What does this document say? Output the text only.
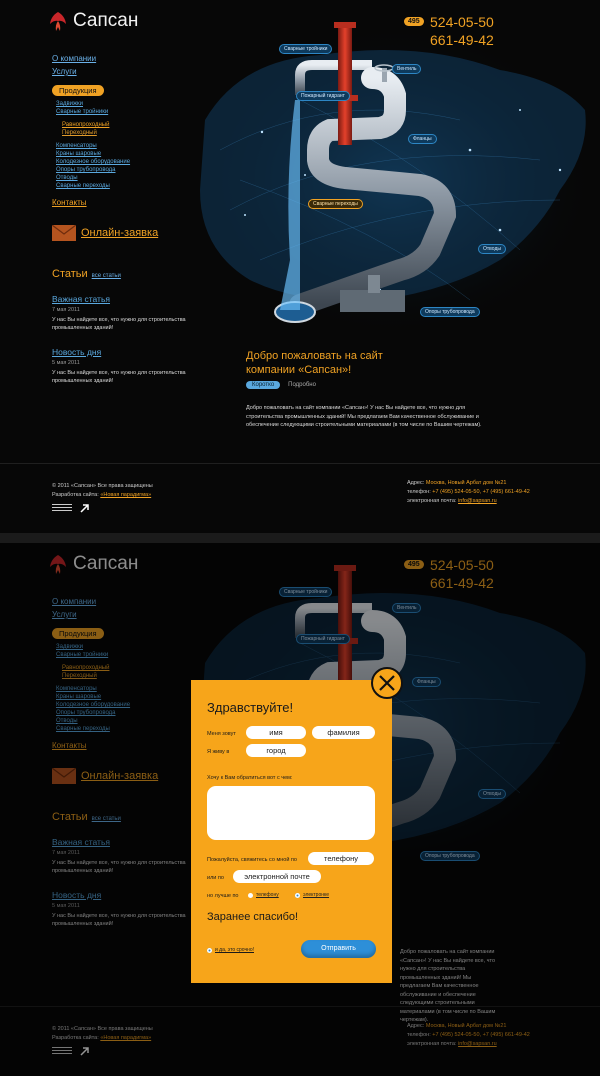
Сапсан	495 524-05-50
661-49-42
О компании
Услуги
Продукция
Задвижки
Сварные тройники
Равнопроходный
Переходный
Компенсаторы
Краны шаровые
Колодезное оборудование
Опоры трубопровода
Отводы
Сварные переходы
Контакты
Онлайн-заявка
Статьи все статьи
Важная статья
7 мая 2011
У нас Вы найдете все, что нужно для строительства промышленных зданий!
Новость дня
5 мая 2011
У нас Вы найдете все, что нужно для строительства промышленных зданий!
Сварные тройники
Вентиль
Пожарный гидрант
Фланцы
Сварные переходы
Отводы
Опоры трубопровода
Добро пожаловать на сайт компании «Сапсан»!
Коротко	Подробно
Добро пожаловать на сайт компании «Сапсан»! У нас Вы найдете все, что нужно для строительства промышленных зданий! Мы предлагаем Вам качественное обслуживание и обеспечение следующими строительными материалами (в том числе по Вашим чертежам).
© 2011 «Сапсан» Все права защищены
Разработка сайта: «Новая парадигма»
Адрес: Москва, Новый Арбат дом №21
телефон: +7 (495) 524-05-50, +7 (495) 661-49-42
электронная почта: info@sapsan.ru
Сапсан	495 524-05-50
661-49-42
О компании
Услуги
Продукция
Задвижки
Сварные тройники
Равнопроходный
Переходный
Компенсаторы
Краны шаровые
Колодезное оборудование
Опоры трубопровода
Отводы
Сварные переходы
Контакты
Онлайн-заявка
Статьи все статьи
Важная статья
7 мая 2011
У нас Вы найдете все, что нужно для строительства промышленных зданий!
Новость дня
5 мая 2011
У нас Вы найдете все, что нужно для строительства промышленных зданий!
Сварные тройники
Вентиль
Пожарный гидрант
Фланцы
Отводы
Опоры трубопровода
Добро пожаловать на сайт компании «Сапсан»! У нас Вы найдете все, что нужно для строительства промышленных зданий! Мы предлагаем Вам качественное обслуживание и обеспечение следующими строительными материалами (в том числе по Вашим чертежам).
© 2011 «Сапсан» Все права защищены
Разработка сайта: «Новая парадигма»
Адрес: Москва, Новый Арбат дом №21
телефон: +7 (495) 524-05-50, +7 (495) 661-49-42
электронная почта: info@sapsan.ru
Здравствуйте!
Меня зовут	имя	фамилия
Я живу в	город
Хочу к Вам обратиться вот с чем:
Пожалуйста, свяжитесь со мной по	телефону
или по	электронной почте
но лучше по	телефону	электронке
Заранее спасибо!
и да, это срочно!	Отправить
